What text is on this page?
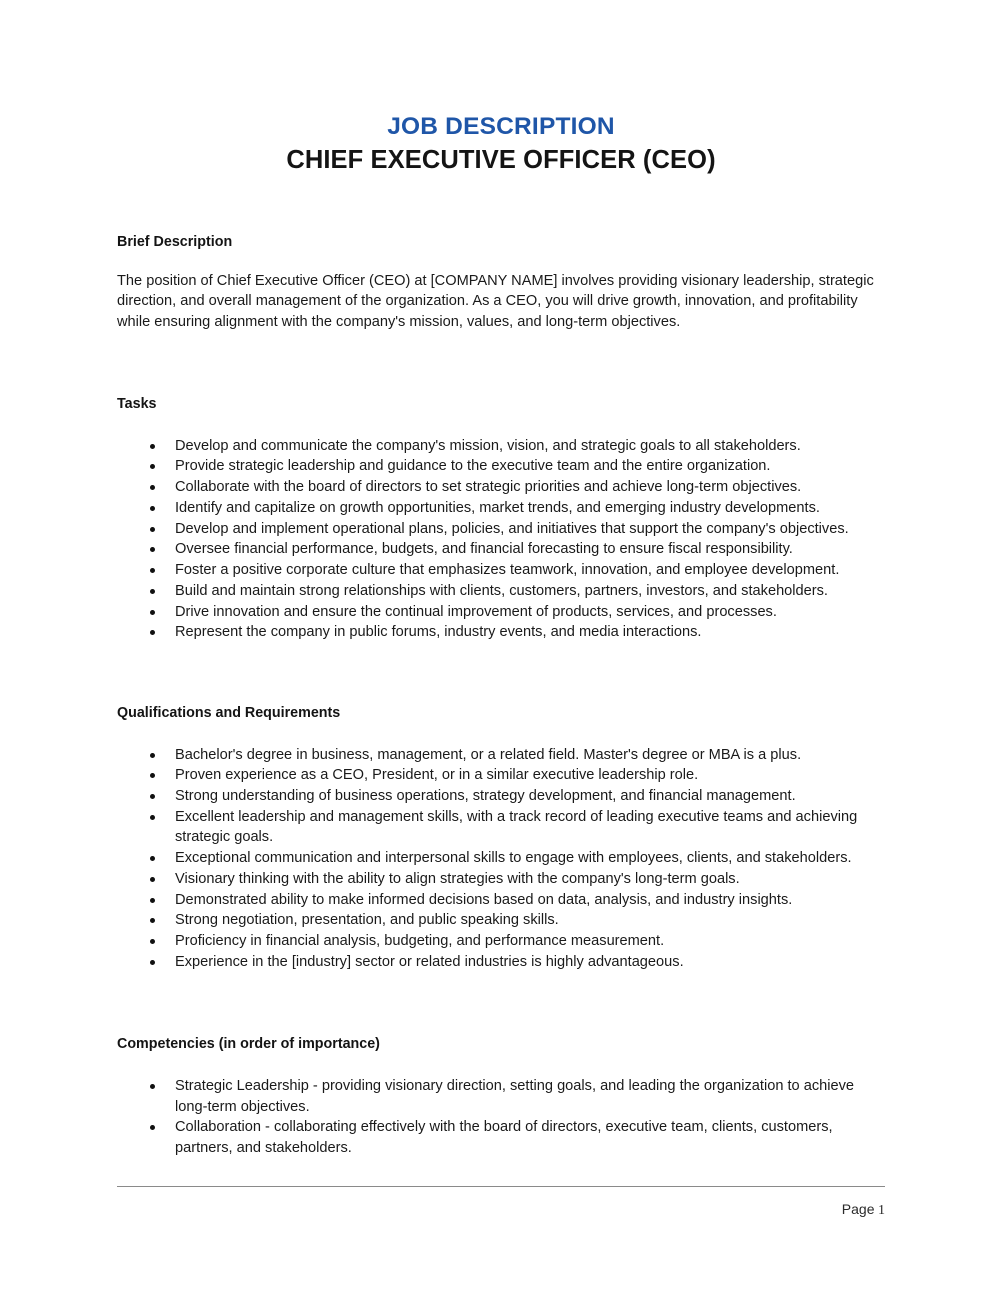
JOB DESCRIPTION
CHIEF EXECUTIVE OFFICER (CEO)
Brief Description

The position of Chief Executive Officer (CEO) at [COMPANY NAME] involves providing visionary leadership, strategic direction, and overall management of the organization. As a CEO, you will drive growth, innovation, and profitability while ensuring alignment with the company's mission, values, and long-term objectives.

Tasks
Develop and communicate the company's mission, vision, and strategic goals to all stakeholders.
Provide strategic leadership and guidance to the executive team and the entire organization.
Collaborate with the board of directors to set strategic priorities and achieve long-term objectives.
Identify and capitalize on growth opportunities, market trends, and emerging industry developments.
Develop and implement operational plans, policies, and initiatives that support the company's objectives.
Oversee financial performance, budgets, and financial forecasting to ensure fiscal responsibility.
Foster a positive corporate culture that emphasizes teamwork, innovation, and employee development.
Build and maintain strong relationships with clients, customers, partners, investors, and stakeholders.
Drive innovation and ensure the continual improvement of products, services, and processes.
Represent the company in public forums, industry events, and media interactions.
Qualifications and Requirements
Bachelor's degree in business, management, or a related field. Master's degree or MBA is a plus.
Proven experience as a CEO, President, or in a similar executive leadership role.
Strong understanding of business operations, strategy development, and financial management.
Excellent leadership and management skills, with a track record of leading executive teams and achieving strategic goals.
Exceptional communication and interpersonal skills to engage with employees, clients, and stakeholders.
Visionary thinking with the ability to align strategies with the company's long-term goals.
Demonstrated ability to make informed decisions based on data, analysis, and industry insights.
Strong negotiation, presentation, and public speaking skills.
Proficiency in financial analysis, budgeting, and performance measurement.
Experience in the [industry] sector or related industries is highly advantageous.
Competencies (in order of importance)
Strategic Leadership - providing visionary direction, setting goals, and leading the organization to achieve long-term objectives.
Collaboration - collaborating effectively with the board of directors, executive team, clients, customers, partners, and stakeholders.
Page 1
